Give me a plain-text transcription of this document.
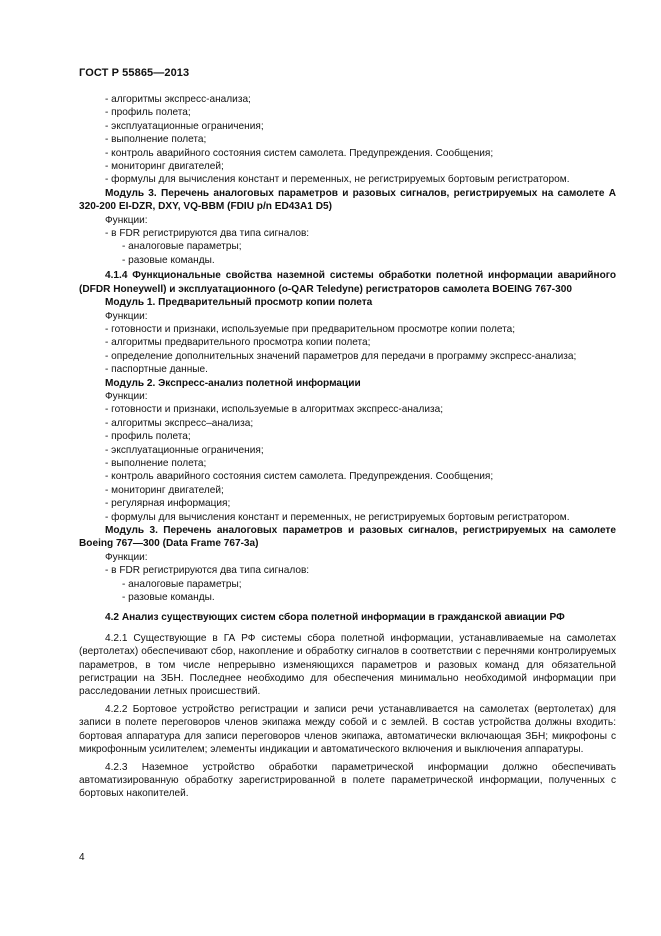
ГОСТ Р 55865—2013

- алгоритмы экспресс-анализа;

- профиль полета;

- эксплуатационные ограничения;

- выполнение полета;

- контроль аварийного состояния систем самолета. Предупреждения. Сообщения;

- мониторинг двигателей;

- формулы для вычисления констант и переменных, не регистрируемых бортовым регистратором.

Модуль 3. Перечень аналоговых параметров и разовых сигналов, регистрируемых на самолете А 320-200 EI-DZR, DXY, VQ-BBM (FDIU p/n ED43A1 D5)

Функции:

- в FDR регистрируются два типа сигналов:

- аналоговые параметры;

- разовые команды.

4.1.4 Функциональные свойства наземной системы обработки полетной информации аварийного (DFDR Honeywell) и эксплуатационного (o-QAR Teledyne) регистраторов самолета BOEING 767-300

Модуль 1. Предварительный просмотр копии полета

Функции:

- готовности и признаки, используемые при предварительном просмотре копии полета;

- алгоритмы предварительного просмотра копии полета;

- определение дополнительных значений параметров для передачи в программу экспресс-анализа;

- паспортные данные.

Модуль 2. Экспресс-анализ полетной информации

Функции:

- готовности и признаки, используемые в алгоритмах экспресс-анализа;

- алгоритмы экспресс–анализа;

- профиль полета;

- эксплуатационные ограничения;

- выполнение полета;

- контроль аварийного состояния систем самолета. Предупреждения. Сообщения;

- мониторинг двигателей;

- регулярная информация;

- формулы для вычисления констант и переменных, не регистрируемых бортовым регистратором.

Модуль 3. Перечень аналоговых параметров и разовых сигналов, регистрируемых на самолете Boeing 767—300 (Data Frame 767-3a)

Функции:

- в FDR регистрируются два типа сигналов:

- аналоговые параметры;

- разовые команды.

4.2 Анализ существующих систем сбора полетной информации в гражданской авиации РФ

4.2.1 Существующие в ГА РФ системы сбора полетной информации, устанавливаемые на самолетах (вертолетах) обеспечивают сбор, накопление и обработку сигналов в соответствии с перечнями контролируемых параметров, в том числе непрерывно изменяющихся параметров и разовых команд для обязательной регистрации на ЗБН. Последнее необходимо для обеспечения минимально необходимой информации при расследовании летных происшествий.

4.2.2 Бортовое устройство регистрации и записи речи устанавливается на самолетах (вертолетах) для записи в полете переговоров членов экипажа между собой и с землей. В состав устройства должны входить: бортовая аппаратура для записи переговоров членов экипажа, автоматически включающая ЗБН; микрофоны с микрофонным усилителем; элементы индикации и автоматического включения и выключения аппаратуры.

4.2.3 Наземное устройство обработки параметрической информации должно обеспечивать автоматизированную обработку зарегистрированной в полете параметрической информации, полученных с бортовых накопителей.

4
